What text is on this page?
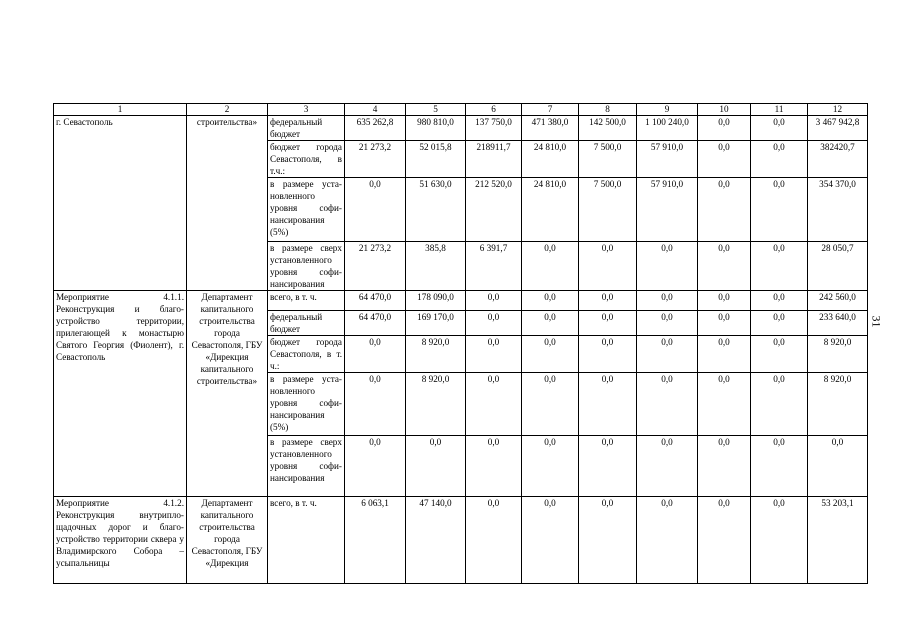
31
1	2	3	4	5	6	7	8	9	10	11	12
г. Севастополь	строительства»	федеральный бюджет	635 262,8	980 810,0	137 750,0	471 380,0	142 500,0	1 100 240,0	0,0	0,0	3 467 942,8
		бюджет города Севастополя, в т.ч.:	21 273,2	52 015,8	218911,7	24 810,0	7 500,0	57 910,0	0,0	0,0	382420,7
		в размере уста-новленного уровня софи-нансирования (5%)	0,0	51 630,0	212 520,0	24 810,0	7 500,0	57 910,0	0,0	0,0	354 370,0
		в размере сверх установленного уровня софи-нансирования	21 273,2	385,8	6 391,7	0,0	0,0	0,0	0,0	0,0	28 050,7
Мероприятие 4.1.1. Реконструкция и благо-устройство территории, прилегающей к монастырю Святого Георгия (Фиолент), г. Севастополь	Департамент капитального строительства города Севастополя, ГБУ «Дирекция капитального строительства»	всего, в т. ч.	64 470,0	178 090,0	0,0	0,0	0,0	0,0	0,0	0,0	242 560,0
		федеральный бюджет	64 470,0	169 170,0	0,0	0,0	0,0	0,0	0,0	0,0	233 640,0
		бюджет города Севастополя, в т. ч.:	0,0	8 920,0	0,0	0,0	0,0	0,0	0,0	0,0	8 920,0
		в размере уста-новленного уровня софи-нансирования (5%)	0,0	8 920,0	0,0	0,0	0,0	0,0	0,0	0,0	8 920,0
		в размере сверх установленного уровня софи-нансирования	0,0	0,0	0,0	0,0	0,0	0,0	0,0	0,0	0,0
Мероприятие 4.1.2. Реконструкция внутрипло-щадочных дорог и благо-устройство территории сквера у Владимирского Собора – усыпальницы	Департамент капитального строительства города Севастополя, ГБУ «Дирекция	всего, в т. ч.	6 063,1	47 140,0	0,0	0,0	0,0	0,0	0,0	0,0	53 203,1
